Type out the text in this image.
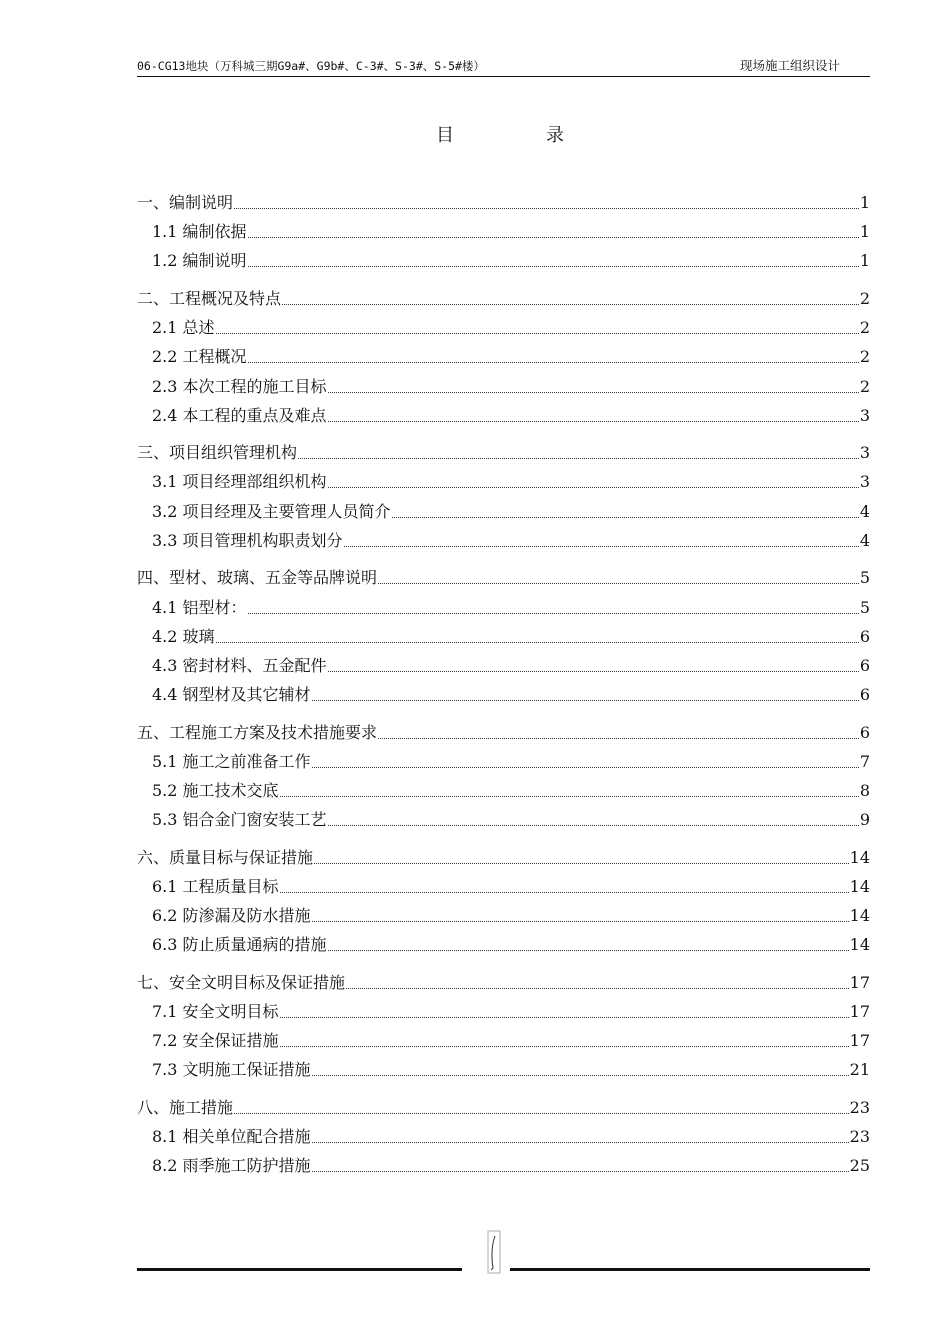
06-CG13地块（万科城三期G9a#、G9b#、C-3#、S-3#、S-5#楼）	现场施工组织设计
目	录
一、编制说明	1
1.1 编制依据	1
1.2 编制说明	1
二、工程概况及特点	2
2.1 总述	2
2.2 工程概况	2
2.3 本次工程的施工目标	2
2.4 本工程的重点及难点	3
三、项目组织管理机构	3
3.1 项目经理部组织机构	3
3.2 项目经理及主要管理人员简介	4
3.3 项目管理机构职责划分	4
四、型材、玻璃、五金等品牌说明	5
4.1 铝型材：	5
4.2 玻璃	6
4.3 密封材料、五金配件	6
4.4 钢型材及其它辅材	6
五、工程施工方案及技术措施要求	6
5.1 施工之前准备工作	7
5.2 施工技术交底	8
5.3 铝合金门窗安装工艺	9
六、质量目标与保证措施	14
6.1 工程质量目标	14
6.2 防渗漏及防水措施	14
6.3 防止质量通病的措施	14
七、安全文明目标及保证措施	17
7.1 安全文明目标	17
7.2 安全保证措施	17
7.3 文明施工保证措施	21
八、施工措施	23
8.1 相关单位配合措施	23
8.2 雨季施工防护措施	25
